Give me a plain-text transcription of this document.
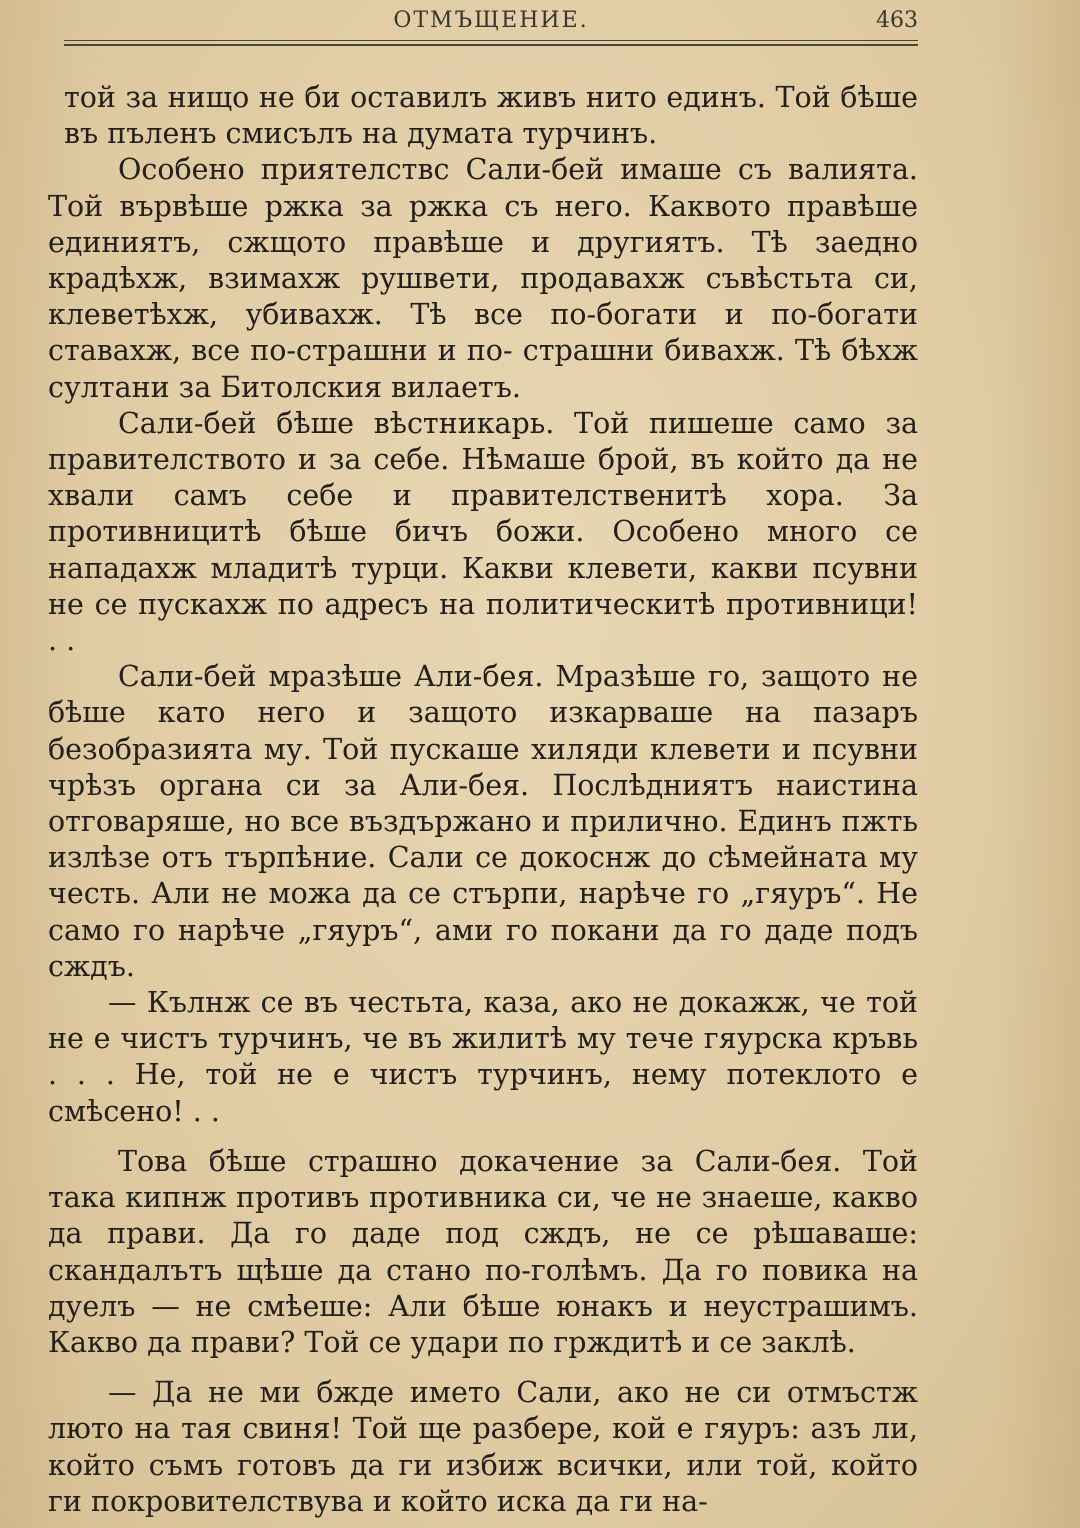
ОТМЪЩЕНИЕ.	463

той за нищо не би оставилъ живъ нито единъ. Той бѣше въ пъленъ смисълъ на думата турчинъ.

Особено приятелствс Сали-бей имаше съ валията. Той вървѣше ржка за ржка съ него. Каквото правѣше единиятъ, сжщото правѣше и другиятъ. Тѣ заедно крадѣхж, взимахж рушвети, продавахж съвѣстьта си, клеветѣхж, убивахж. Тѣ все по-богати и по-богати ставахж, все по-страшни и по- страшни бивахж. Тѣ бѣхж султани за Битолския вилаетъ.

Сали-бей бѣше вѣстникарь. Той пишеше само за правителството и за себе. Нѣмаше брой, въ който да не хвали самъ себе и правителственитѣ хора. За противницитѣ бѣше бичъ божи. Особено много се нападахж младитѣ турци. Какви клевети, какви псувни не се пускахж по адресъ на политическитѣ противници! . .

Сали-бей мразѣше Али-бея. Мразѣше го, защото не бѣше като него и защото изкарваше на пазаръ безобразията му. Той пускаше хиляди клевети и псувни чрѣзъ органа си за Али-бея. Послѣдниятъ наистина отговаряше, но все въздържано и прилично. Единъ пжть излѣзе отъ търпѣние. Сали се докоснж до сѣмейната му честь. Али не можа да се стърпи, нарѣче го „гяуръ“. Не само го нарѣче „гяуръ“, ами го покани да го даде подъ сждъ.

— Кълнж се въ честьта, каза, ако не докажж, че той не е чистъ турчинъ, че въ жилитѣ му тече гяурска кръвь . . . Не, той не е чистъ турчинъ, нему потеклото е смѣсено! . .

Това бѣше страшно докачение за Сали-бея. Той така кипнж противъ противника си, че не знаеше, какво да прави. Да го даде под сждъ, не се рѣшаваше: скандалътъ щѣше да стано по-голѣмъ. Да го повика на дуелъ — не смѣеше: Али бѣше юнакъ и неустрашимъ. Какво да прави? Той се удари по грждитѣ и се заклѣ.

— Да не ми бжде името Сали, ако не си отмъстж люто на тая свиня! Той ще разбере, кой е гяуръ: азъ ли, който съмъ готовъ да ги избиж всички, или той, който ги покровителствува и който иска да ги на-
